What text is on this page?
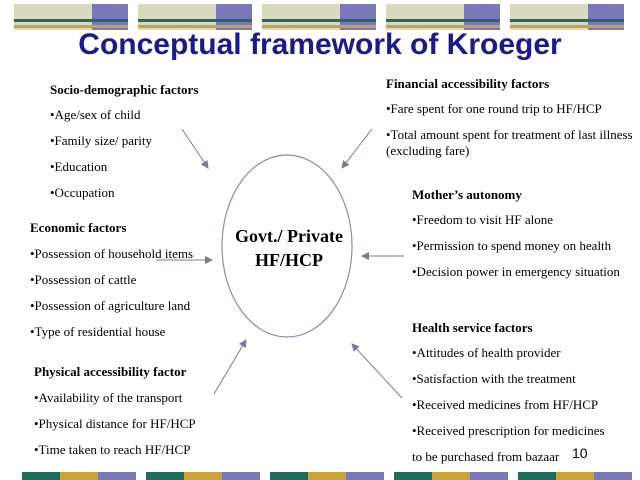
Conceptual framework of Kroeger
Govt./ Private
HF/HCP
Socio-demographic factors
•Age/sex of child
•Family size/ parity
•Education
•Occupation
Economic factors
•Possession of household items
•Possession of cattle
•Possession of agriculture land
•Type of residential house
Physical accessibility factor
•Availability of the transport
•Physical distance for HF/HCP
•Time taken to reach HF/HCP
Financial accessibility factors
•Fare spent for one round trip to HF/HCP
•Total amount spent for treatment of last illness (excluding fare)
Mother’s autonomy
•Freedom to visit HF alone
•Permission to spend money on health
•Decision power in emergency situation
Health service factors
•Attitudes of health provider
•Satisfaction with the treatment
•Received medicines from HF/HCP
•Received prescription for medicines
to be purchased from bazaar 10
